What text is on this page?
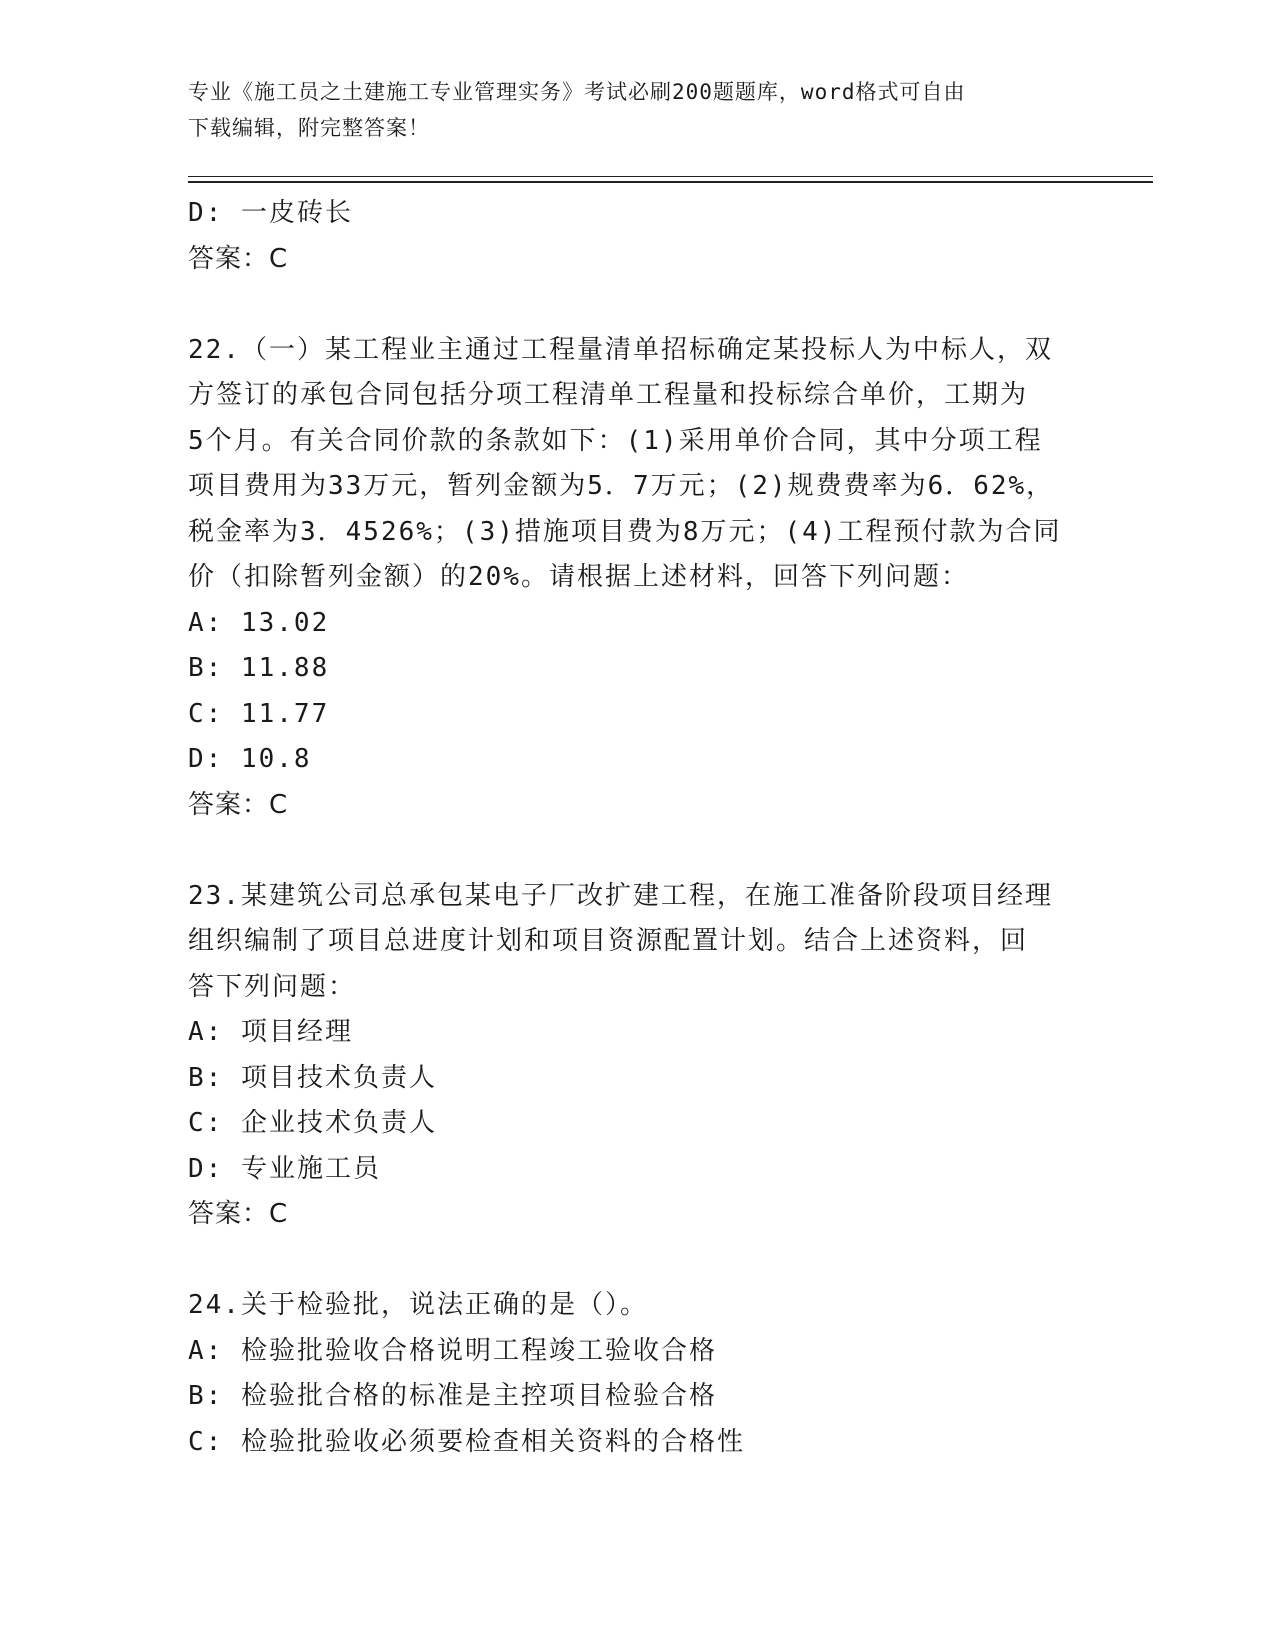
专业《施工员之土建施工专业管理实务》考试必刷200题题库，word格式可自由
下载编辑，附完整答案！
D: 一皮砖长
答案：C
22.（一）某工程业主通过工程量清单招标确定某投标人为中标人，双
方签订的承包合同包括分项工程清单工程量和投标综合单价，工期为
5个月。有关合同价款的条款如下：(1)采用单价合同，其中分项工程
项目费用为33万元，暂列金额为5．7万元；(2)规费费率为6．62%，
税金率为3．4526%；(3)措施项目费为8万元；(4)工程预付款为合同
价（扣除暂列金额）的20%。请根据上述材料，回答下列问题：
A: 13.02
B: 11.88
C: 11.77
D: 10.8
答案：C
23.某建筑公司总承包某电子厂改扩建工程，在施工准备阶段项目经理
组织编制了项目总进度计划和项目资源配置计划。结合上述资料，回
答下列问题：
A: 项目经理
B: 项目技术负责人
C: 企业技术负责人
D: 专业施工员
答案：C
24.关于检验批，说法正确的是（）。
A: 检验批验收合格说明工程竣工验收合格
B: 检验批合格的标准是主控项目检验合格
C: 检验批验收必须要检查相关资料的合格性
